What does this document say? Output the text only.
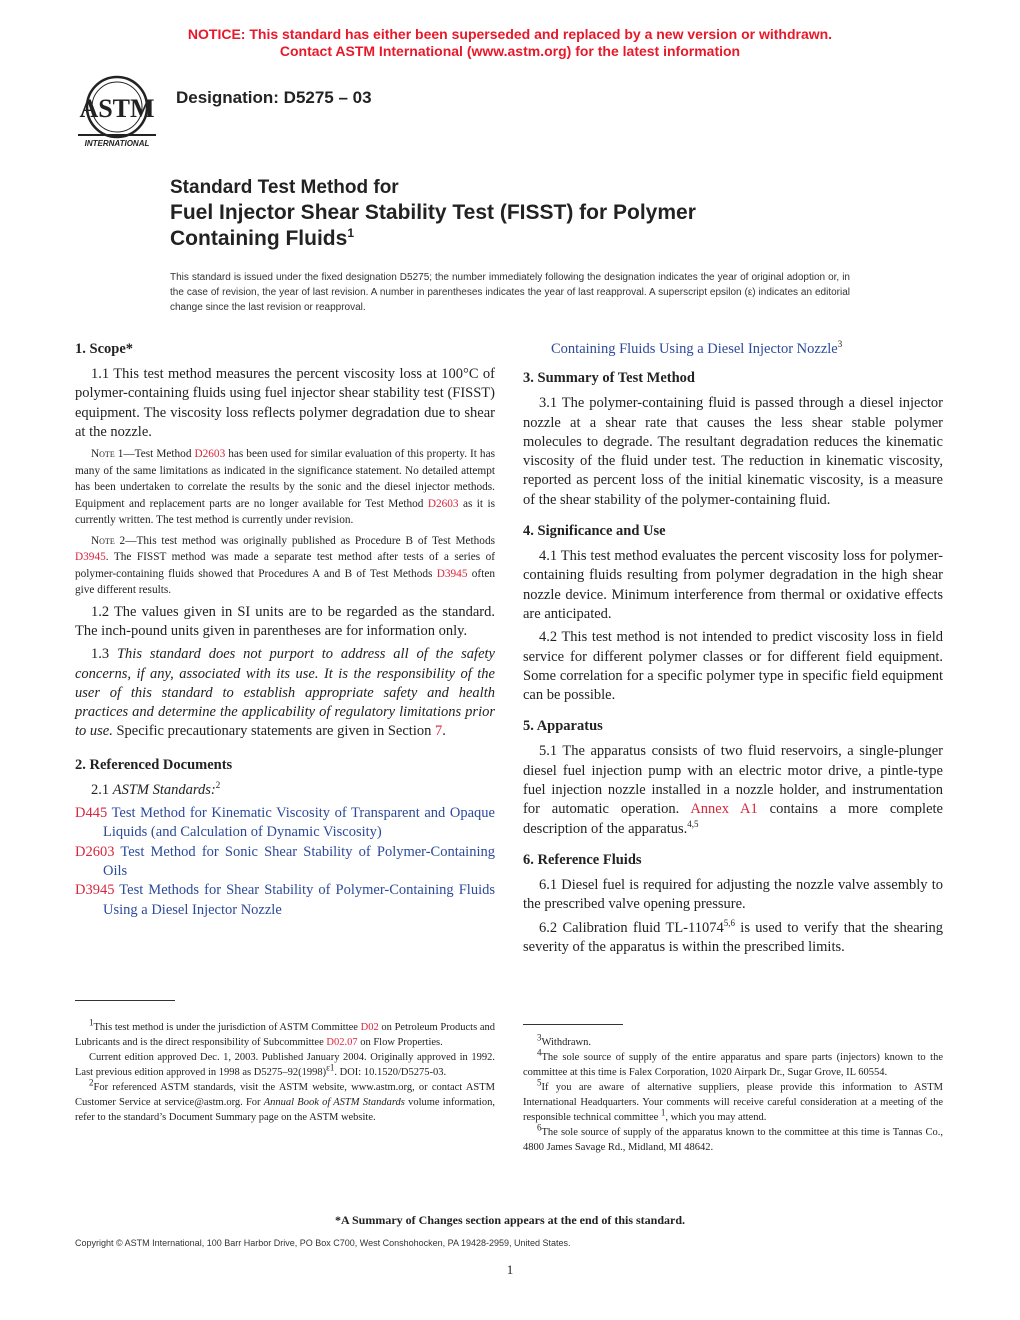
NOTICE: This standard has either been superseded and replaced by a new version or withdrawn.
Contact ASTM International (www.astm.org) for the latest information
ASTM
INTERNATIONAL
Designation: D5275 – 03
Standard Test Method for
Fuel Injector Shear Stability Test (FISST) for Polymer Containing Fluids$^1$
This standard is issued under the fixed designation D5275; the number immediately following the designation indicates the year of original adoption or, in the case of revision, the year of last revision. A number in parentheses indicates the year of last reapproval. A superscript epsilon (ε) indicates an editorial change since the last revision or reapproval.
1. Scope*

1.1 This test method measures the percent viscosity loss at 100°C of polymer-containing fluids using fuel injector shear stability test (FISST) equipment. The viscosity loss reflects polymer degradation due to shear at the nozzle.

Note 1—Test Method D2603 has been used for similar evaluation of this property. It has many of the same limitations as indicated in the significance statement. No detailed attempt has been undertaken to correlate the results by the sonic and the diesel injector methods. Equipment and replacement parts are no longer available for Test Method D2603 as it is currently written. The test method is currently under revision.

Note 2—This test method was originally published as Procedure B of Test Methods D3945. The FISST method was made a separate test method after tests of a series of polymer-containing fluids showed that Procedures A and B of Test Methods D3945 often give different results.

1.2 The values given in SI units are to be regarded as the standard. The inch-pound units given in parentheses are for information only.

1.3 This standard does not purport to address all of the safety concerns, if any, associated with its use. It is the responsibility of the user of this standard to establish appropriate safety and health practices and determine the applicability of regulatory limitations prior to use. Specific precautionary statements are given in Section 7.

2. Referenced Documents

2.1 ASTM Standards:$^2$

D445 Test Method for Kinematic Viscosity of Transparent and Opaque Liquids (and Calculation of Dynamic Viscosity)

D2603 Test Method for Sonic Shear Stability of Polymer-Containing Oils

D3945 Test Methods for Shear Stability of Polymer-Containing Fluids Using a Diesel Injector Nozzle

Containing Fluids Using a Diesel Injector Nozzle$^3$

3. Summary of Test Method

3.1 The polymer-containing fluid is passed through a diesel injector nozzle at a shear rate that causes the less shear stable polymer molecules to degrade. The resultant degradation reduces the kinematic viscosity of the fluid under test. The reduction in kinematic viscosity, reported as percent loss of the initial kinematic viscosity, is a measure of the shear stability of the polymer-containing fluid.

4. Significance and Use

4.1 This test method evaluates the percent viscosity loss for polymer-containing fluids resulting from polymer degradation in the high shear nozzle device. Minimum interference from thermal or oxidative effects are anticipated.

4.2 This test method is not intended to predict viscosity loss in field service for different polymer classes or for different field equipment. Some correlation for a specific polymer type in specific field equipment can be possible.

5. Apparatus

5.1 The apparatus consists of two fluid reservoirs, a single-plunger diesel fuel injection pump with an electric motor drive, a pintle-type fuel injection nozzle installed in a nozzle holder, and instrumentation for automatic operation. Annex A1 contains a more complete description of the apparatus.$^{4,5}$

6. Reference Fluids

6.1 Diesel fuel is required for adjusting the nozzle valve assembly to the prescribed valve opening pressure.

6.2 Calibration fluid TL-11074$^{5,6}$ is used to verify that the shearing severity of the apparatus is within the prescribed limits.

$^1$This test method is under the jurisdiction of ASTM Committee D02 on Petroleum Products and Lubricants and is the direct responsibility of Subcommittee D02.07 on Flow Properties.

Current edition approved Dec. 1, 2003. Published January 2004. Originally approved in 1992. Last previous edition approved in 1998 as $D5275-92(1998)^{\varepsilon 1}$. DOI: 10.1520/D5275-03.

$^2$For referenced ASTM standards, visit the ASTM website, www.astm.org, or contact ASTM Customer Service at service@astm.org. For Annual Book of ASTM Standards volume information, refer to the standard’s Document Summary page on the ASTM website.

$^3$Withdrawn.

$^4$The sole source of supply of the entire apparatus and spare parts (injectors) known to the committee at this time is Falex Corporation, 1020 Airpark Dr., Sugar Grove, IL 60554.

$^5$If you are aware of alternative suppliers, please provide this information to ASTM International Headquarters. Your comments will receive careful consideration at a meeting of the responsible technical committee $^1$, which you may attend.

$^6$The sole source of supply of the apparatus known to the committee at this time is Tannas Co., 4800 James Savage Rd., Midland, MI 48642.

*A Summary of Changes section appears at the end of this standard.
Copyright © ASTM International, 100 Barr Harbor Drive, PO Box C700, West Conshohocken, PA 19428-2959, United States.
1
